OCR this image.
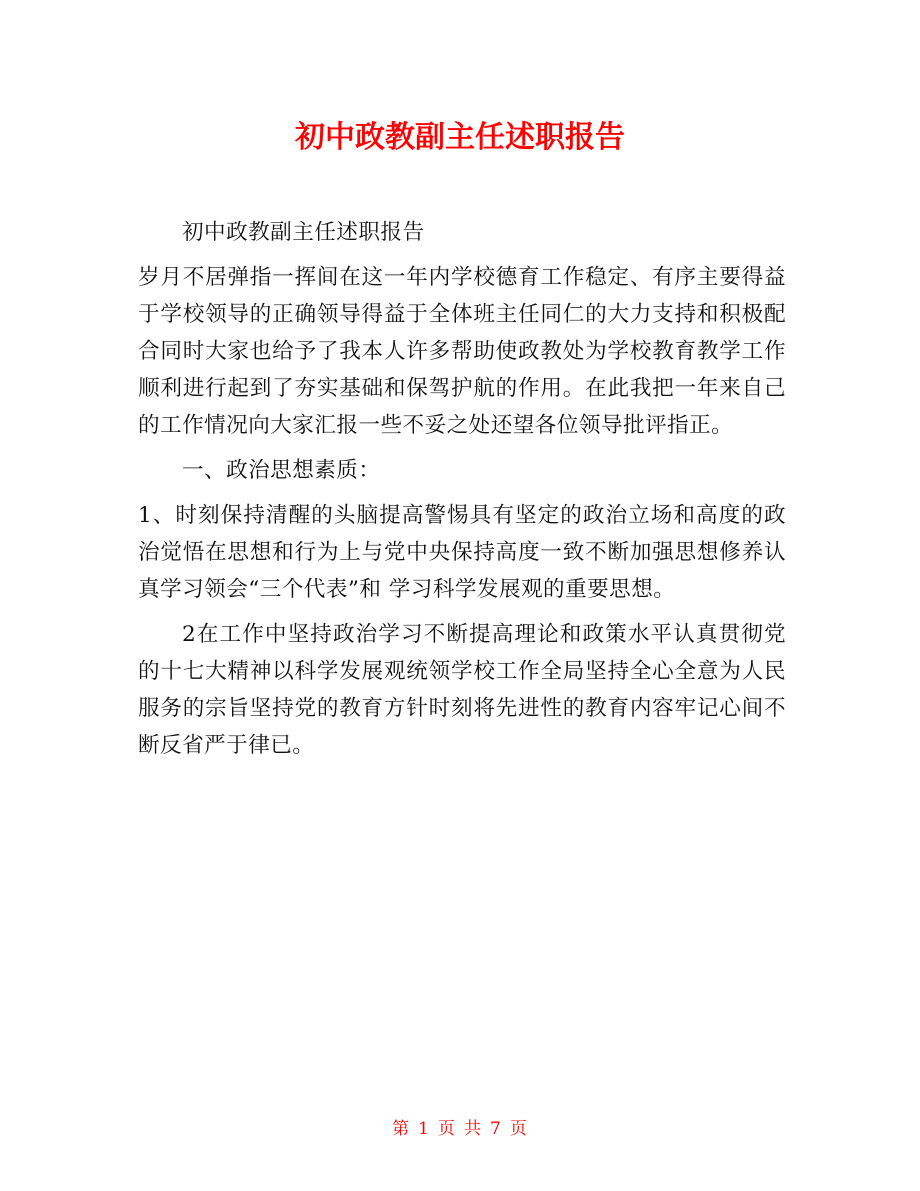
初中政教副主任述职报告

初中政教副主任述职报告

岁月不居弹指一挥间在这一年内学校德育工作稳定、有序主要得益于学校领导的正确领导得益于全体班主任同仁的大力支持和积极配合同时大家也给予了我本人许多帮助使政教处为学校教育教学工作顺利进行起到了夯实基础和保驾护航的作用。在此我把一年来自己的工作情况向大家汇报一些不妥之处还望各位领导批评指正。

一、政治思想素质：

1、时刻保持清醒的头脑提高警惕具有坚定的政治立场和高度的政治觉悟在思想和行为上与党中央保持高度一致不断加强思想修养认真学习领会“三个代表”和 学习科学发展观的重要思想。

2在工作中坚持政治学习不断提高理论和政策水平认真贯彻党的十七大精神以科学发展观统领学校工作全局坚持全心全意为人民服务的宗旨坚持党的教育方针时刻将先进性的教育内容牢记心间不断反省严于律已。

第 1 页 共 7 页
